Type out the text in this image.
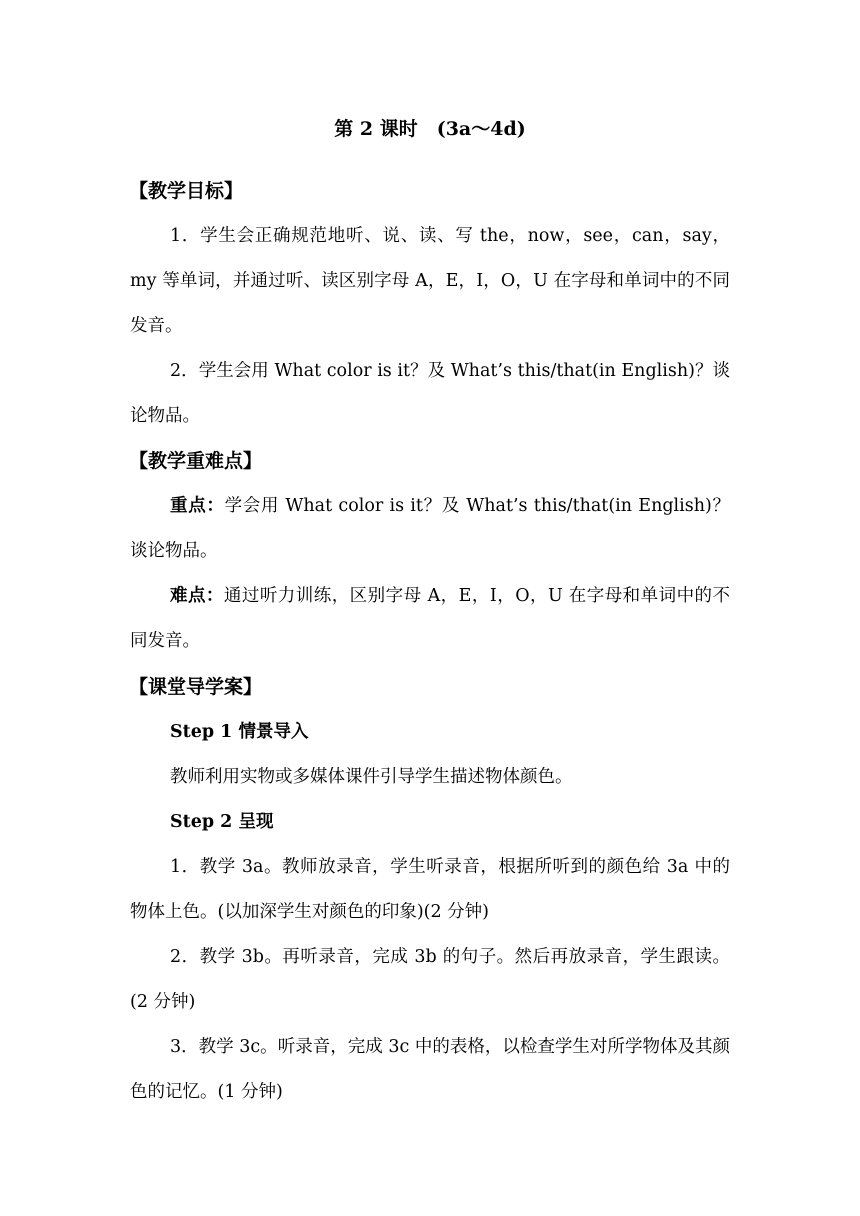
第 2 课时　(3a～4d)
【教学目标】
1．学生会正确规范地听、说、读、写 the，now，see，can，say，my 等单词，并通过听、读区别字母 A，E，I，O，U 在字母和单词中的不同发音。
2．学生会用 What color is it？及 What’s this/that(in English)？谈论物品。
【教学重难点】
重点：学会用 What color is it？及 What’s this/that(in English)？谈论物品。
难点：通过听力训练，区别字母 A，E，I，O，U 在字母和单词中的不同发音。
【课堂导学案】
Step 1 情景导入
教师利用实物或多媒体课件引导学生描述物体颜色。
Step 2 呈现
1．教学 3a。教师放录音，学生听录音，根据所听到的颜色给 3a 中的物体上色。(以加深学生对颜色的印象)(2 分钟)
2．教学 3b。再听录音，完成 3b 的句子。然后再放录音，学生跟读。(2 分钟)
3．教学 3c。听录音，完成 3c 中的表格，以检查学生对所学物体及其颜色的记忆。(1 分钟)
